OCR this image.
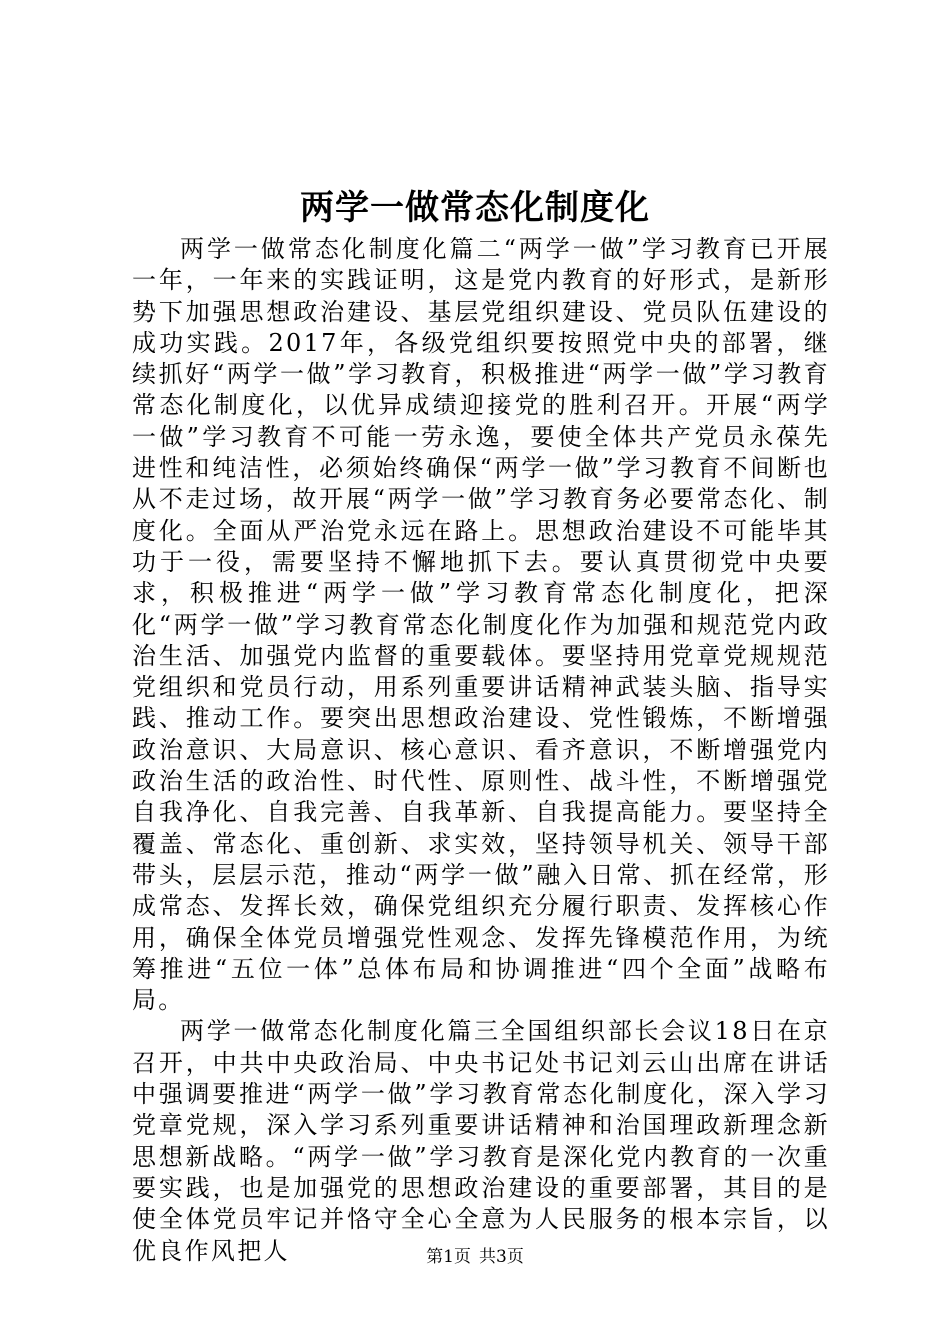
两学一做常态化制度化

两学一做常态化制度化篇二“两学一做”学习教育已开展一年，一年来的实践证明，这是党内教育的好形式，是新形势下加强思想政治建设、基层党组织建设、党员队伍建设的成功实践。2017年，各级党组织要按照党中央的部署，继续抓好“两学一做”学习教育，积极推进“两学一做”学习教育常态化制度化，以优异成绩迎接党的胜利召开。开展“两学一做”学习教育不可能一劳永逸，要使全体共产党员永葆先进性和纯洁性，必须始终确保“两学一做”学习教育不间断也从不走过场，故开展“两学一做”学习教育务必要常态化、制度化。全面从严治党永远在路上。思想政治建设不可能毕其功于一役，需要坚持不懈地抓下去。要认真贯彻党中央要求，积极推进“两学一做”学习教育常态化制度化，把深化“两学一做”学习教育常态化制度化作为加强和规范党内政治生活、加强党内监督的重要载体。要坚持用党章党规规范党组织和党员行动，用系列重要讲话精神武装头脑、指导实践、推动工作。要突出思想政治建设、党性锻炼，不断增强政治意识、大局意识、核心意识、看齐意识，不断增强党内政治生活的政治性、时代性、原则性、战斗性，不断增强党自我净化、自我完善、自我革新、自我提高能力。要坚持全覆盖、常态化、重创新、求实效，坚持领导机关、领导干部带头，层层示范，推动“两学一做”融入日常、抓在经常，形成常态、发挥长效，确保党组织充分履行职责、发挥核心作用，确保全体党员增强党性观念、发挥先锋模范作用，为统筹推进“五位一体”总体布局和协调推进“四个全面”战略布局。

两学一做常态化制度化篇三全国组织部长会议18日在京召开，中共中央政治局、中央书记处书记刘云山出席在讲话中强调要推进“两学一做”学习教育常态化制度化，深入学习党章党规，深入学习系列重要讲话精神和治国理政新理念新思想新战略。“两学一做”学习教育是深化党内教育的一次重要实践，也是加强党的思想政治建设的重要部署，其目的是使全体党员牢记并恪守全心全意为人民服务的根本宗旨，以优良作风把人	第1页 共3页
